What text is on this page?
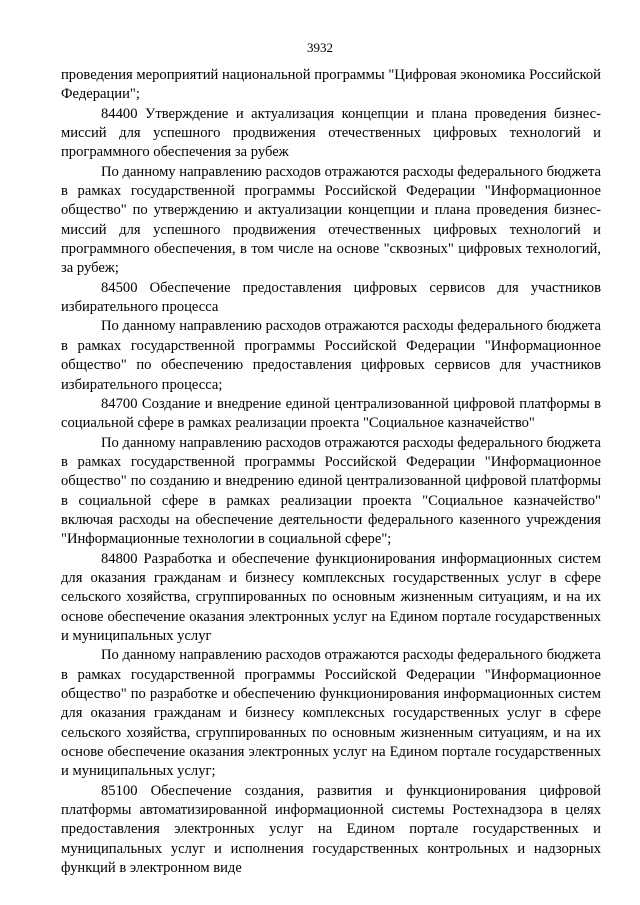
3932

проведения мероприятий национальной программы "Цифровая экономика Российской Федерации";

84400 Утверждение и актуализация концепции и плана проведения бизнес-миссий для успешного продвижения отечественных цифровых технологий и программного обеспечения за рубеж

По данному направлению расходов отражаются расходы федерального бюджета в рамках государственной программы Российской Федерации "Информационное общество" по утверждению и актуализации концепции и плана проведения бизнес-миссий для успешного продвижения отечественных цифровых технологий и программного обеспечения, в том числе на основе "сквозных" цифровых технологий, за рубеж;

84500 Обеспечение предоставления цифровых сервисов для участников избирательного процесса

По данному направлению расходов отражаются расходы федерального бюджета в рамках государственной программы Российской Федерации "Информационное общество" по обеспечению предоставления цифровых сервисов для участников избирательного процесса;

84700 Создание и внедрение единой централизованной цифровой платформы в социальной сфере в рамках реализации проекта "Социальное казначейство"

По данному направлению расходов отражаются расходы федерального бюджета в рамках государственной программы Российской Федерации "Информационное общество" по созданию и внедрению единой централизованной цифровой платформы в социальной сфере в рамках реализации проекта "Социальное казначейство" включая расходы на обеспечение деятельности федерального казенного учреждения "Информационные технологии в социальной сфере";

84800 Разработка и обеспечение функционирования информационных систем для оказания гражданам и бизнесу комплексных государственных услуг в сфере сельского хозяйства, сгруппированных по основным жизненным ситуациям, и на их основе обеспечение оказания электронных услуг на Едином портале государственных и муниципальных услуг

По данному направлению расходов отражаются расходы федерального бюджета в рамках государственной программы Российской Федерации "Информационное общество" по разработке и обеспечению функционирования информационных систем для оказания гражданам и бизнесу комплексных государственных услуг в сфере сельского хозяйства, сгруппированных по основным жизненным ситуациям, и на их основе обеспечение оказания электронных услуг на Едином портале государственных и муниципальных услуг;

85100 Обеспечение создания, развития и функционирования цифровой платформы автоматизированной информационной системы Ростехнадзора в целях предоставления электронных услуг на Едином портале государственных и муниципальных услуг и исполнения государственных контрольных и надзорных функций в электронном виде
